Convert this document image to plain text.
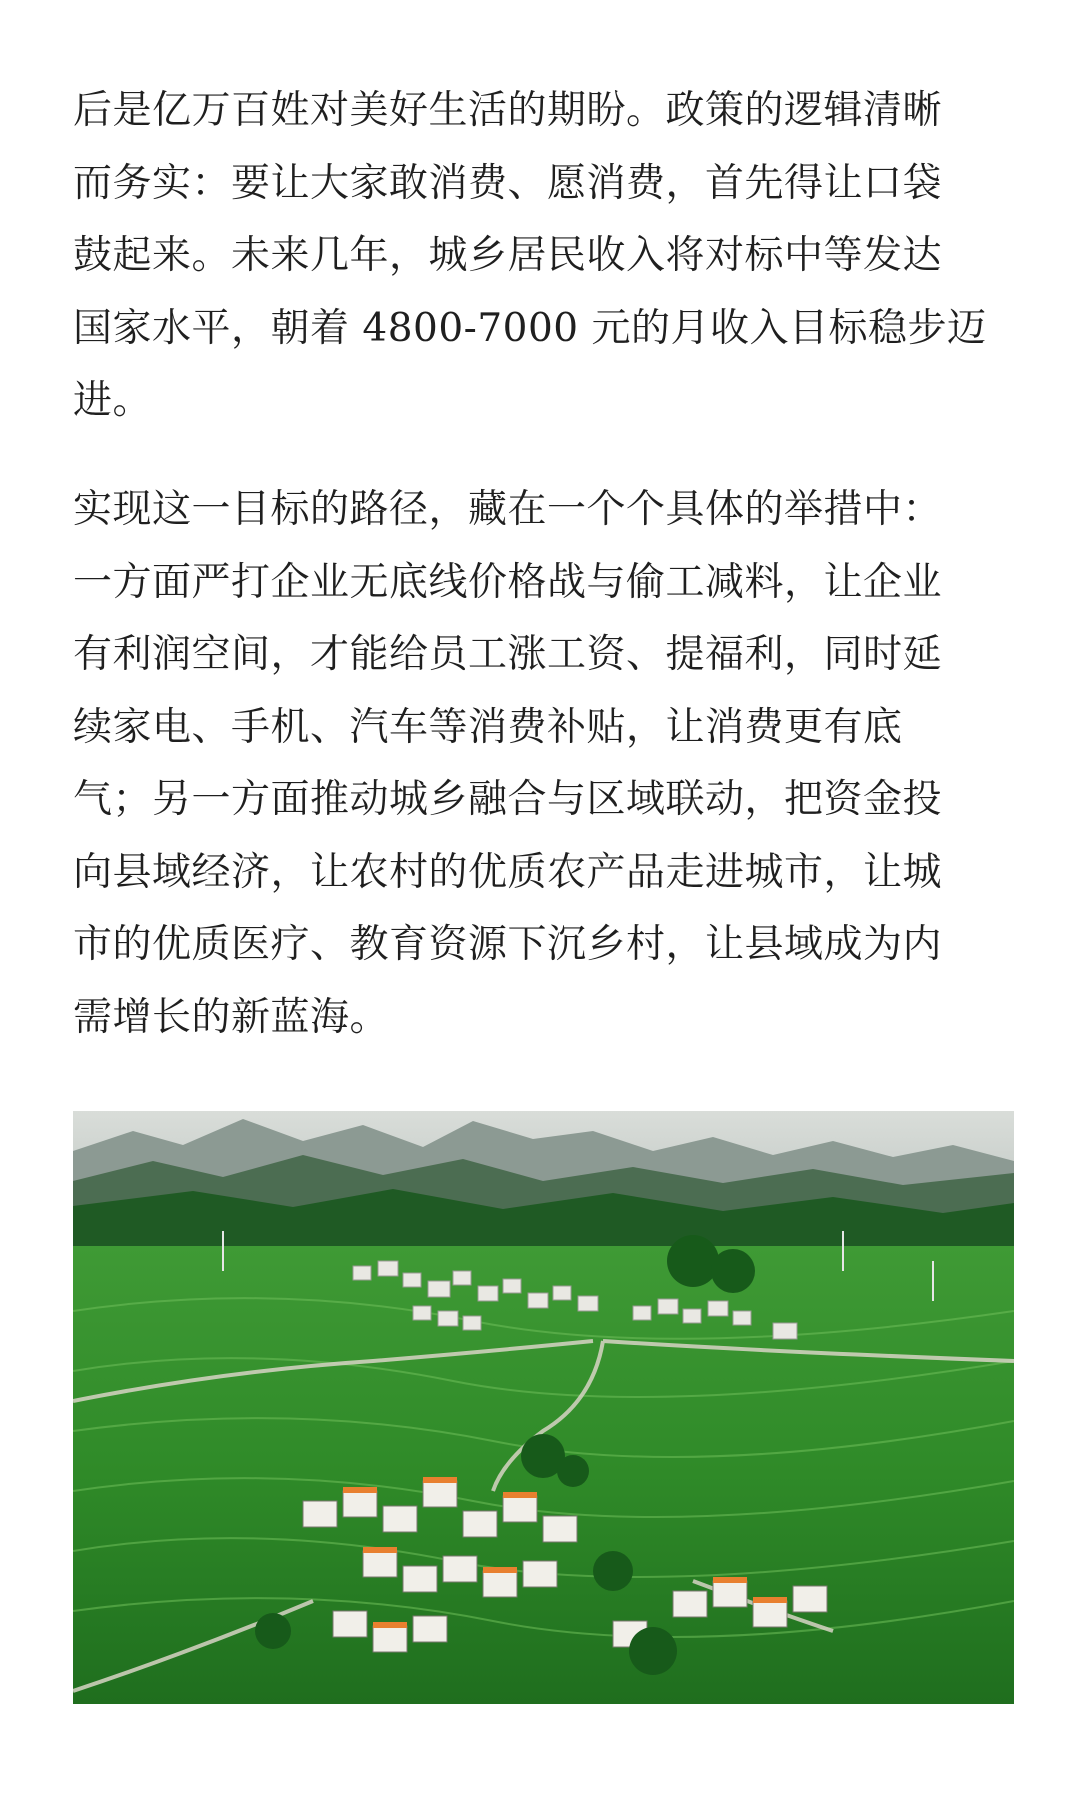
后是亿万百姓对美好生活的期盼。政策的逻辑清晰
而务实：要让大家敢消费、愿消费，首先得让口袋
鼓起来。未来几年，城乡居民收入将对标中等发达
国家水平，朝着 4800-7000 元的月收入目标稳步迈
进。

实现这一目标的路径，藏在一个个具体的举措中：
一方面严打企业无底线价格战与偷工减料，让企业
有利润空间，才能给员工涨工资、提福利，同时延
续家电、手机、汽车等消费补贴，让消费更有底
气；另一方面推动城乡融合与区域联动，把资金投
向县域经济，让农村的优质农产品走进城市，让城
市的优质医疗、教育资源下沉乡村，让县域成为内
需增长的新蓝海。
